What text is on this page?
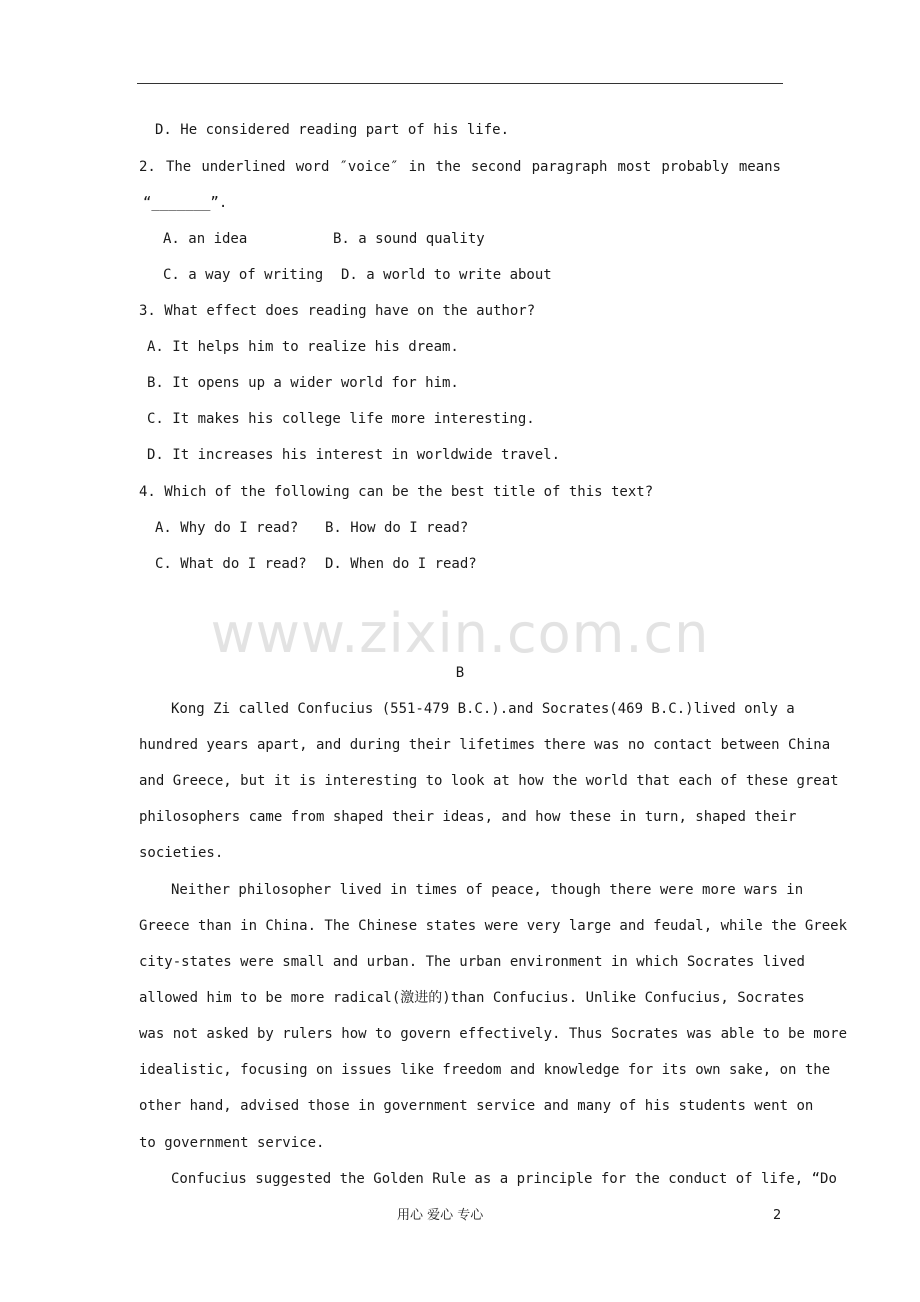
D. He considered reading part of his life.
2. The underlined word ″voice″ in the second paragraph most probably means
“_______”.
A. an idea	B. a sound quality
C. a way of writing D. a world to write about
3. What effect does reading have on the author?
A. It helps him to realize his dream.
B. It opens up a wider world for him.
C. It makes his college life more interesting.
D. It increases his interest in worldwide travel.
4. Which of the following can be the best title of this text?
A. Why do I read? B. How do I read?
C. What do I read? D. When do I read?
www.zixin.com.cn
B
Kong Zi called Confucius (551-479 B.C.).and Socrates(469 B.C.)lived only a
hundred years apart, and during their lifetimes there was no contact between China
and Greece, but it is interesting to look at how the world that each of these great
philosophers came from shaped their ideas, and how these in turn, shaped their
societies.
Neither philosopher lived in times of peace, though there were more wars in
Greece than in China. The Chinese states were very large and feudal, while the Greek
city-states were small and urban. The urban environment in which Socrates lived
allowed him to be more radical(激进的)than Confucius. Unlike Confucius, Socrates
was not asked by rulers how to govern effectively. Thus Socrates was able to be more
idealistic, focusing on issues like freedom and knowledge for its own sake, on the
other hand, advised those in government service and many of his students went on
to government service.
Confucius suggested the Golden Rule as a principle for the conduct of life, “Do
用心 爱心 专心	2
